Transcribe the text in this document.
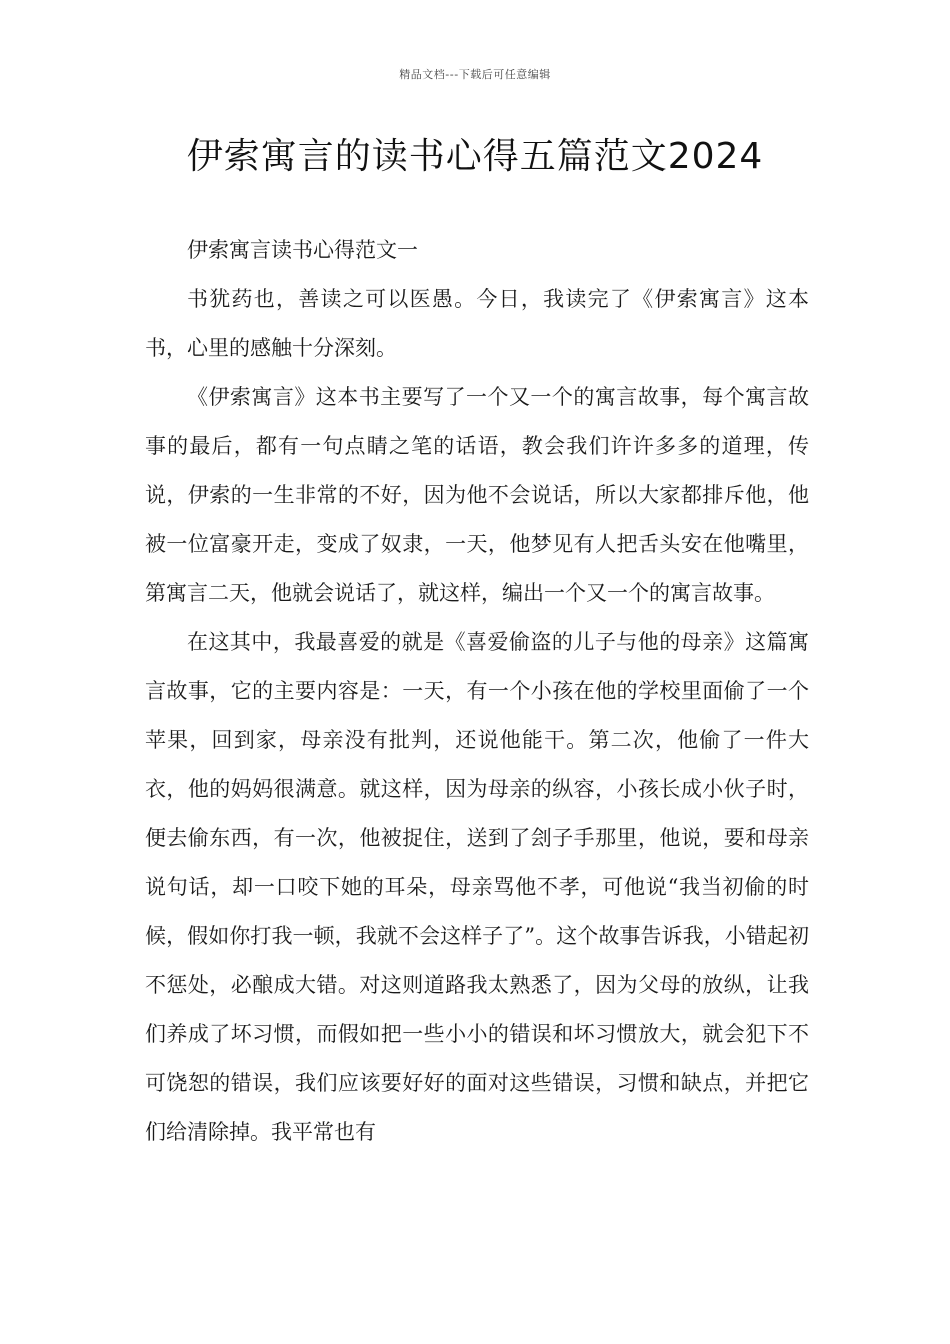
精品文档---下载后可任意编辑
伊索寓言的读书心得五篇范文2024

伊索寓言读书心得范文一

书犹药也，善读之可以医愚。今日，我读完了《伊索寓言》这本书，心里的感触十分深刻。

《伊索寓言》这本书主要写了一个又一个的寓言故事，每个寓言故事的最后，都有一句点睛之笔的话语，教会我们许许多多的道理，传说，伊索的一生非常的不好，因为他不会说话，所以大家都排斥他，他被一位富豪开走，变成了奴隶，一天，他梦见有人把舌头安在他嘴里，第寓言二天，他就会说话了，就这样，编出一个又一个的寓言故事。

在这其中，我最喜爱的就是《喜爱偷盗的儿子与他的母亲》这篇寓言故事，它的主要内容是：一天，有一个小孩在他的学校里面偷了一个苹果，回到家，母亲没有批判，还说他能干。第二次，他偷了一件大衣，他的妈妈很满意。就这样，因为母亲的纵容，小孩长成小伙子时，便去偷东西，有一次，他被捉住，送到了刽子手那里，他说，要和母亲说句话，却一口咬下她的耳朵，母亲骂他不孝，可他说“我当初偷的时候，假如你打我一顿，我就不会这样子了”。这个故事告诉我，小错起初不惩处，必酿成大错。对这则道路我太熟悉了，因为父母的放纵，让我们养成了坏习惯，而假如把一些小小的错误和坏习惯放大，就会犯下不可饶恕的错误，我们应该要好好的面对这些错误，习惯和缺点，并把它们给清除掉。我平常也有
